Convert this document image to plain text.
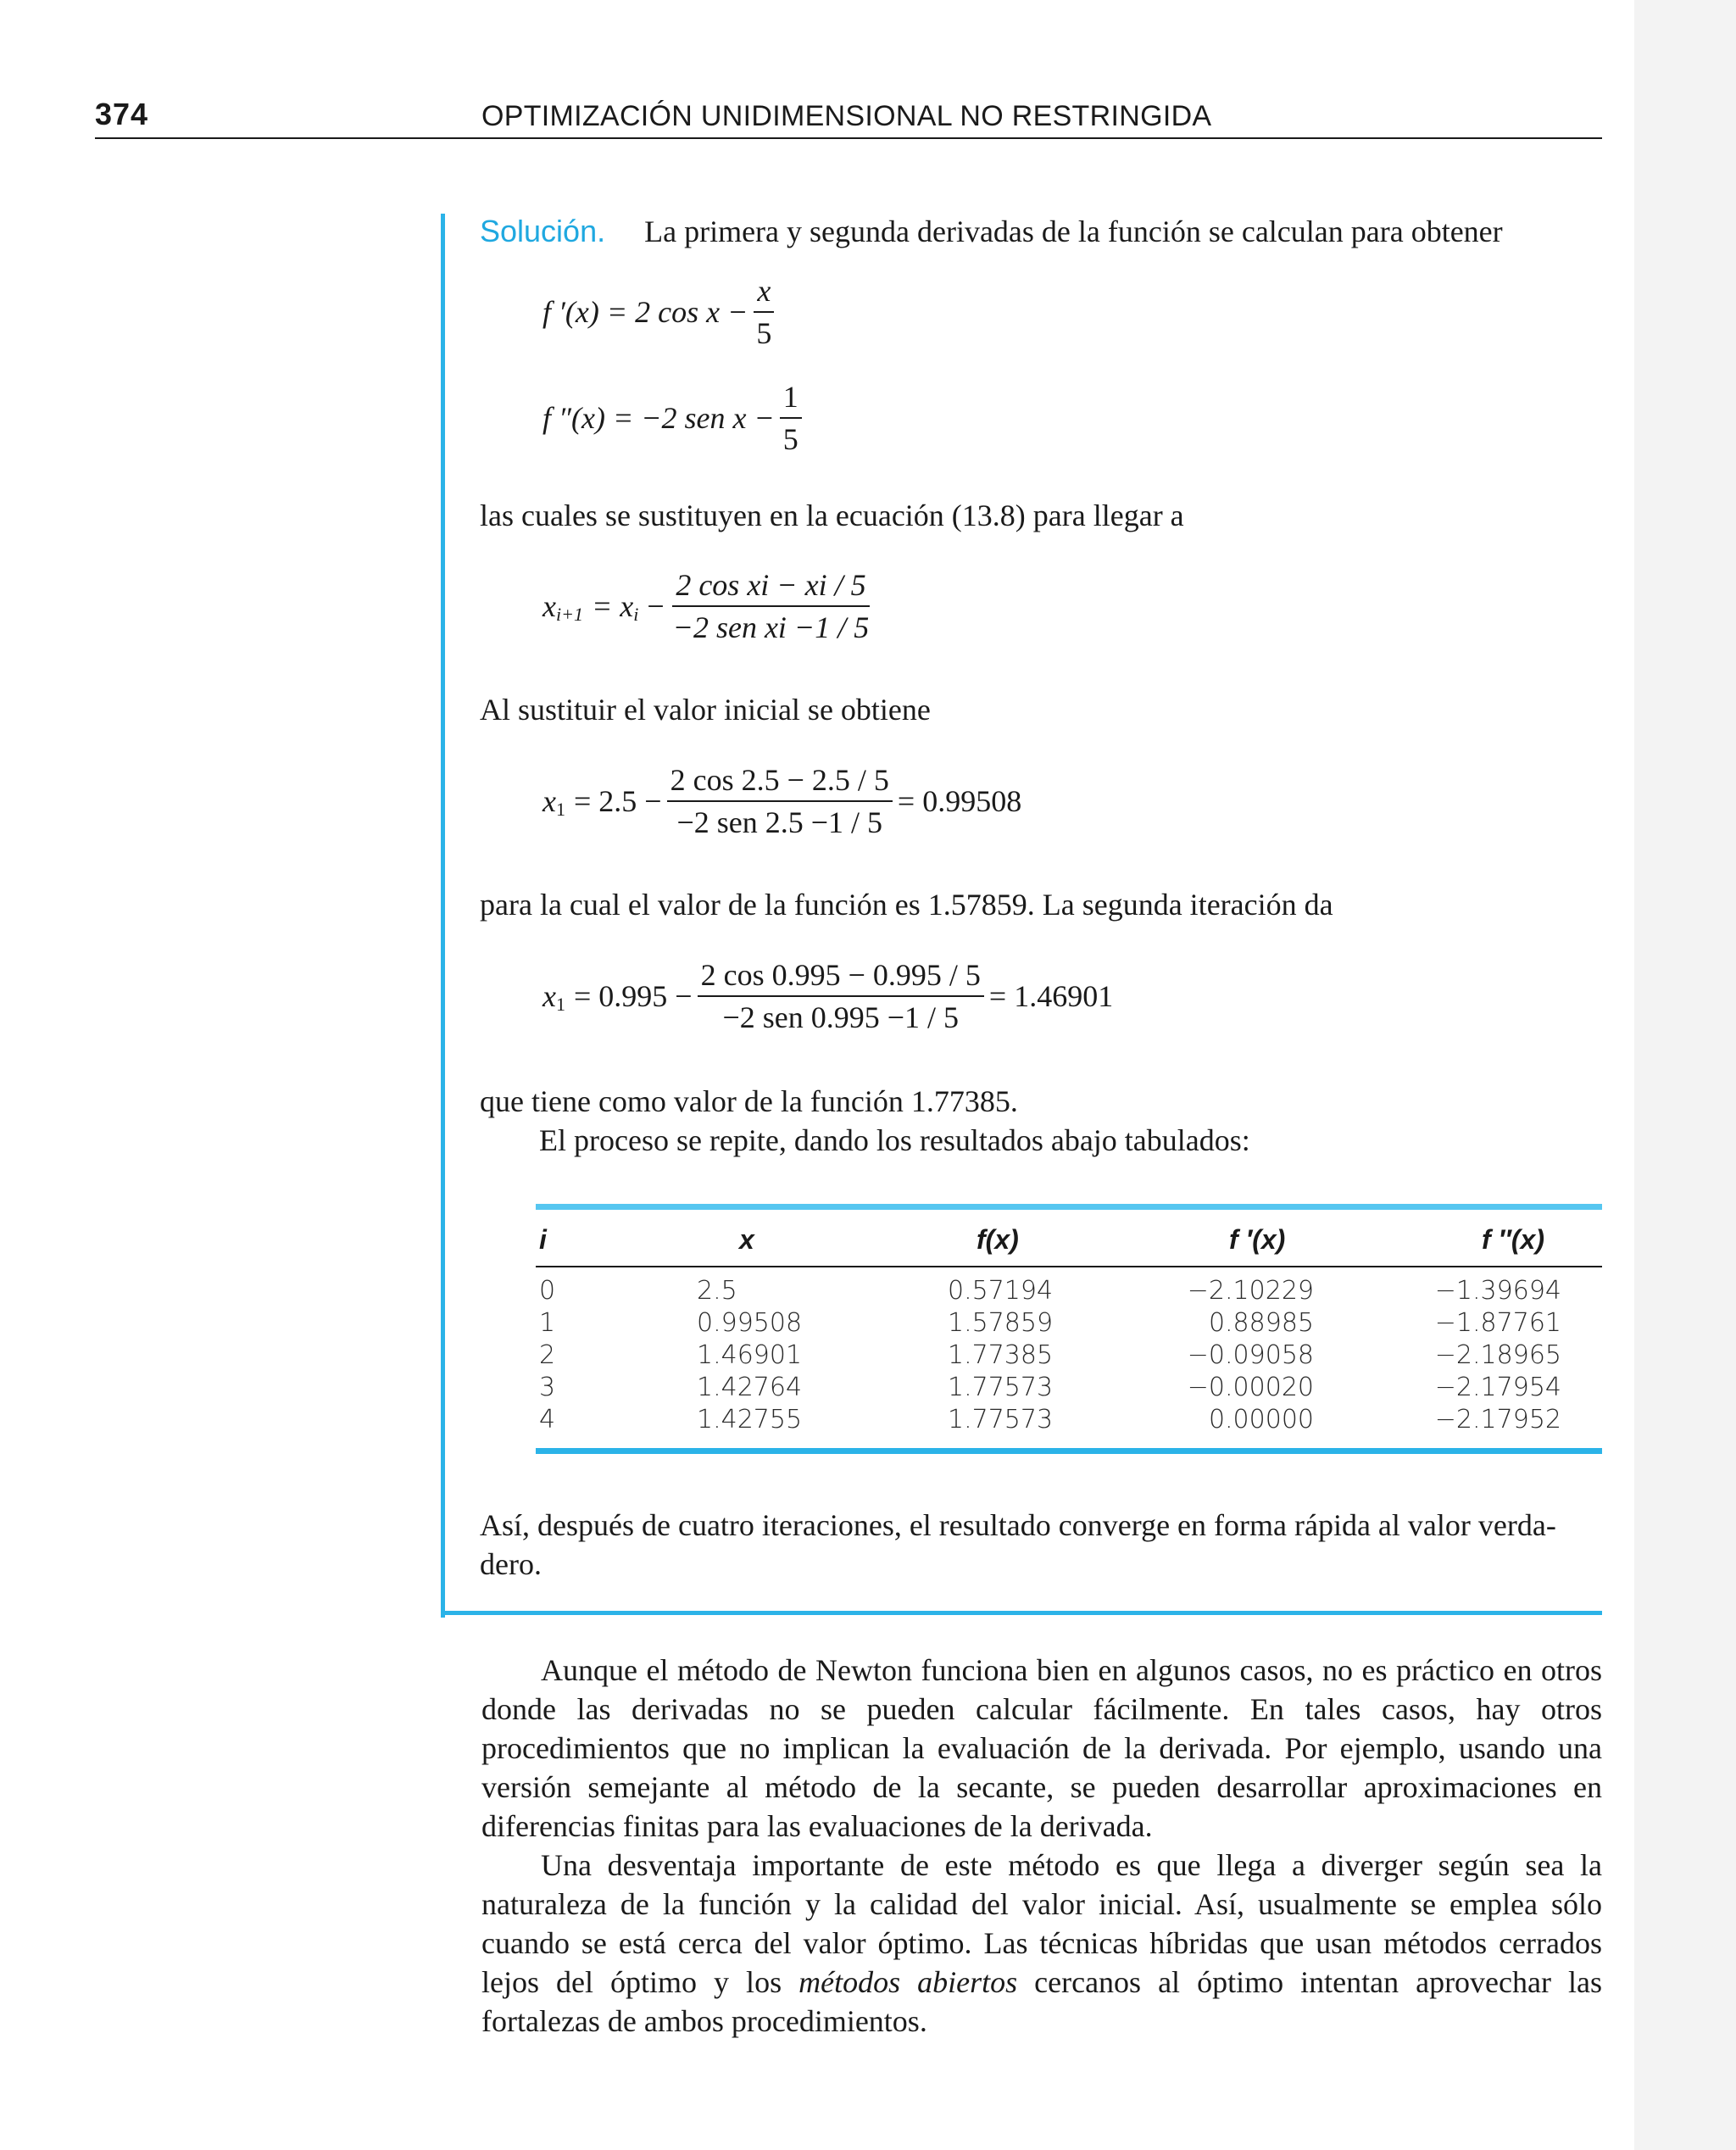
374	OPTIMIZACIÓN UNIDIMENSIONAL NO RESTRINGIDA
Solución. La primera y segunda derivadas de la función se calculan para obtener
f ′(x) = 2 $\cos x - \frac{x}{5}$
f ″(x) = −2 sen $x - \frac{1}{5}$
las cuales se sustituyen en la ecuación (13.8) para llegar a
x i+1 = x $i - \frac{\text{2 cos xi − xi / 5}}{\text{−2 sen xi −1 / 5}}$
Al sustituir el valor inicial se obtiene
x $1 = 2.5 - \frac{2 \cos 2.5 - 2.5 / 5}{\text{−2 sen 2.5 −1 / 5}} = 0.99508$
para la cual el valor de la función es 1.57859. La segunda iteración da
x $1 = 0.995 - \frac{2 \cos 0.995 - 0.995 / 5}{\text{−2 sen 0.995 −1 / 5}} = 1.46901$
que tiene como valor de la función 1.77385.
El proceso se repite, dando los resultados abajo tabulados:
i	x	f(x)	f ′(x)	f ″(x)
0	2.5	0.57194	−2.10229	−1.39694
1	0.99508	1.57859	0.88985	−1.87761
2	1.46901	1.77385	−0.09058	−2.18965
3	1.42764	1.77573	−0.00020	−2.17954
4	1.42755	1.77573	0.00000	−2.17952
Así, después de cuatro iteraciones, el resultado converge en forma rápida al valor verda-
dero.

Aunque el método de Newton funciona bien en algunos casos, no es práctico en otros donde las derivadas no se pueden calcular fácilmente. En tales casos, hay otros procedimientos que no implican la evaluación de la derivada. Por ejemplo, usando una versión semejante al método de la secante, se pueden desarrollar aproximaciones en diferencias finitas para las evaluaciones de la derivada.

Una desventaja importante de este método es que llega a diverger según sea la naturaleza de la función y la calidad del valor inicial. Así, usualmente se emplea sólo cuando se está cerca del valor óptimo. Las técnicas híbridas que usan métodos cerrados lejos del óptimo y los métodos abiertos cercanos al óptimo intentan aprovechar las fortalezas de ambos procedimientos.
